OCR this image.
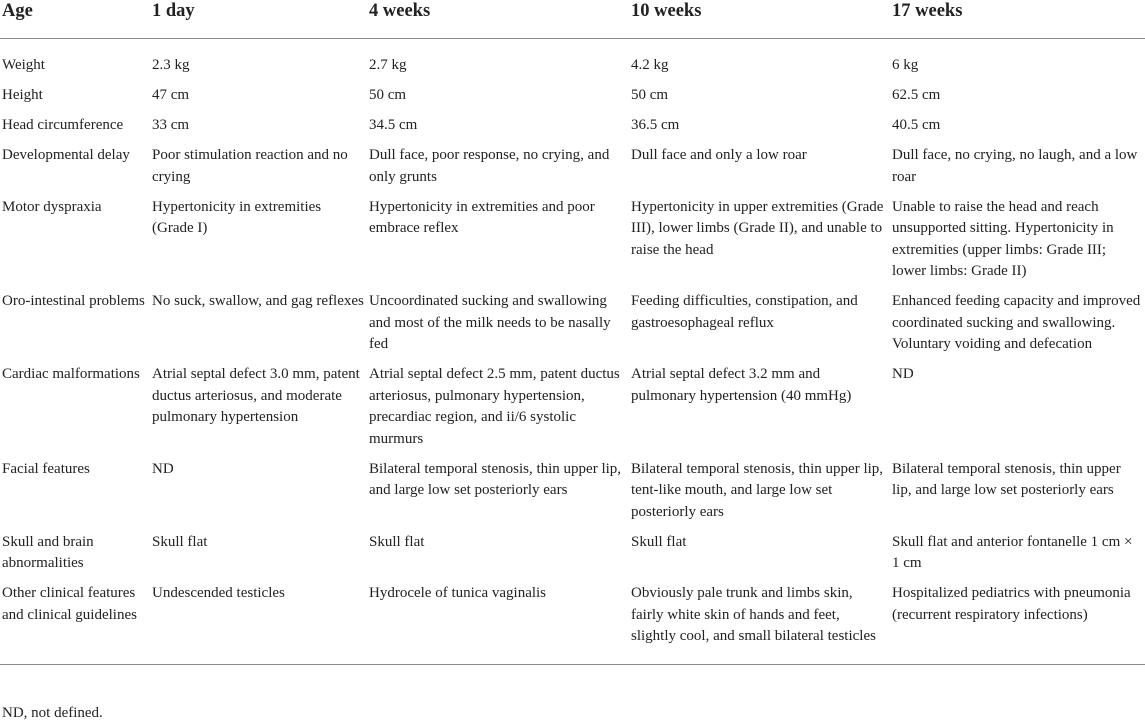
Age	1 day	4 weeks	10 weeks	17 weeks
Weight	2.3 kg	2.7 kg	4.2 kg	6 kg
Height	47 cm	50 cm	50 cm	62.5 cm
Head circumference	33 cm	34.5 cm	36.5 cm	40.5 cm
Developmental delay	Poor stimulation reaction and no crying	Dull face, poor response, no crying, and only grunts	Dull face and only a low roar	Dull face, no crying, no laugh, and a low roar
Motor dyspraxia	Hypertonicity in extremities (Grade I)	Hypertonicity in extremities and poor embrace reflex	Hypertonicity in upper extremities (Grade III), lower limbs (Grade II), and unable to raise the head	Unable to raise the head and reach unsupported sitting. Hypertonicity in extremities (upper limbs: Grade III; lower limbs: Grade II)
Oro-intestinal problems	No suck, swallow, and gag reflexes	Uncoordinated sucking and swallowing and most of the milk needs to be nasally fed	Feeding difficulties, constipation, and gastroesophageal reflux	Enhanced feeding capacity and improved coordinated sucking and swallowing. Voluntary voiding and defecation
Cardiac malformations	Atrial septal defect 3.0 mm, patent ductus arteriosus, and moderate pulmonary hypertension	Atrial septal defect 2.5 mm, patent ductus arteriosus, pulmonary hypertension, precardiac region, and ii/6 systolic murmurs	Atrial septal defect 3.2 mm and pulmonary hypertension (40 mmHg)	ND
Facial features	ND	Bilateral temporal stenosis, thin upper lip, and large low set posteriorly ears	Bilateral temporal stenosis, thin upper lip, tent-like mouth, and large low set posteriorly ears	Bilateral temporal stenosis, thin upper lip, and large low set posteriorly ears
Skull and brain abnormalities	Skull flat	Skull flat	Skull flat	Skull flat and anterior fontanelle 1 cm × 1 cm
Other clinical features and clinical guidelines	Undescended testicles	Hydrocele of tunica vaginalis	Obviously pale trunk and limbs skin, fairly white skin of hands and feet, slightly cool, and small bilateral testicles	Hospitalized pediatrics with pneumonia (recurrent respiratory infections)
ND, not defined.
